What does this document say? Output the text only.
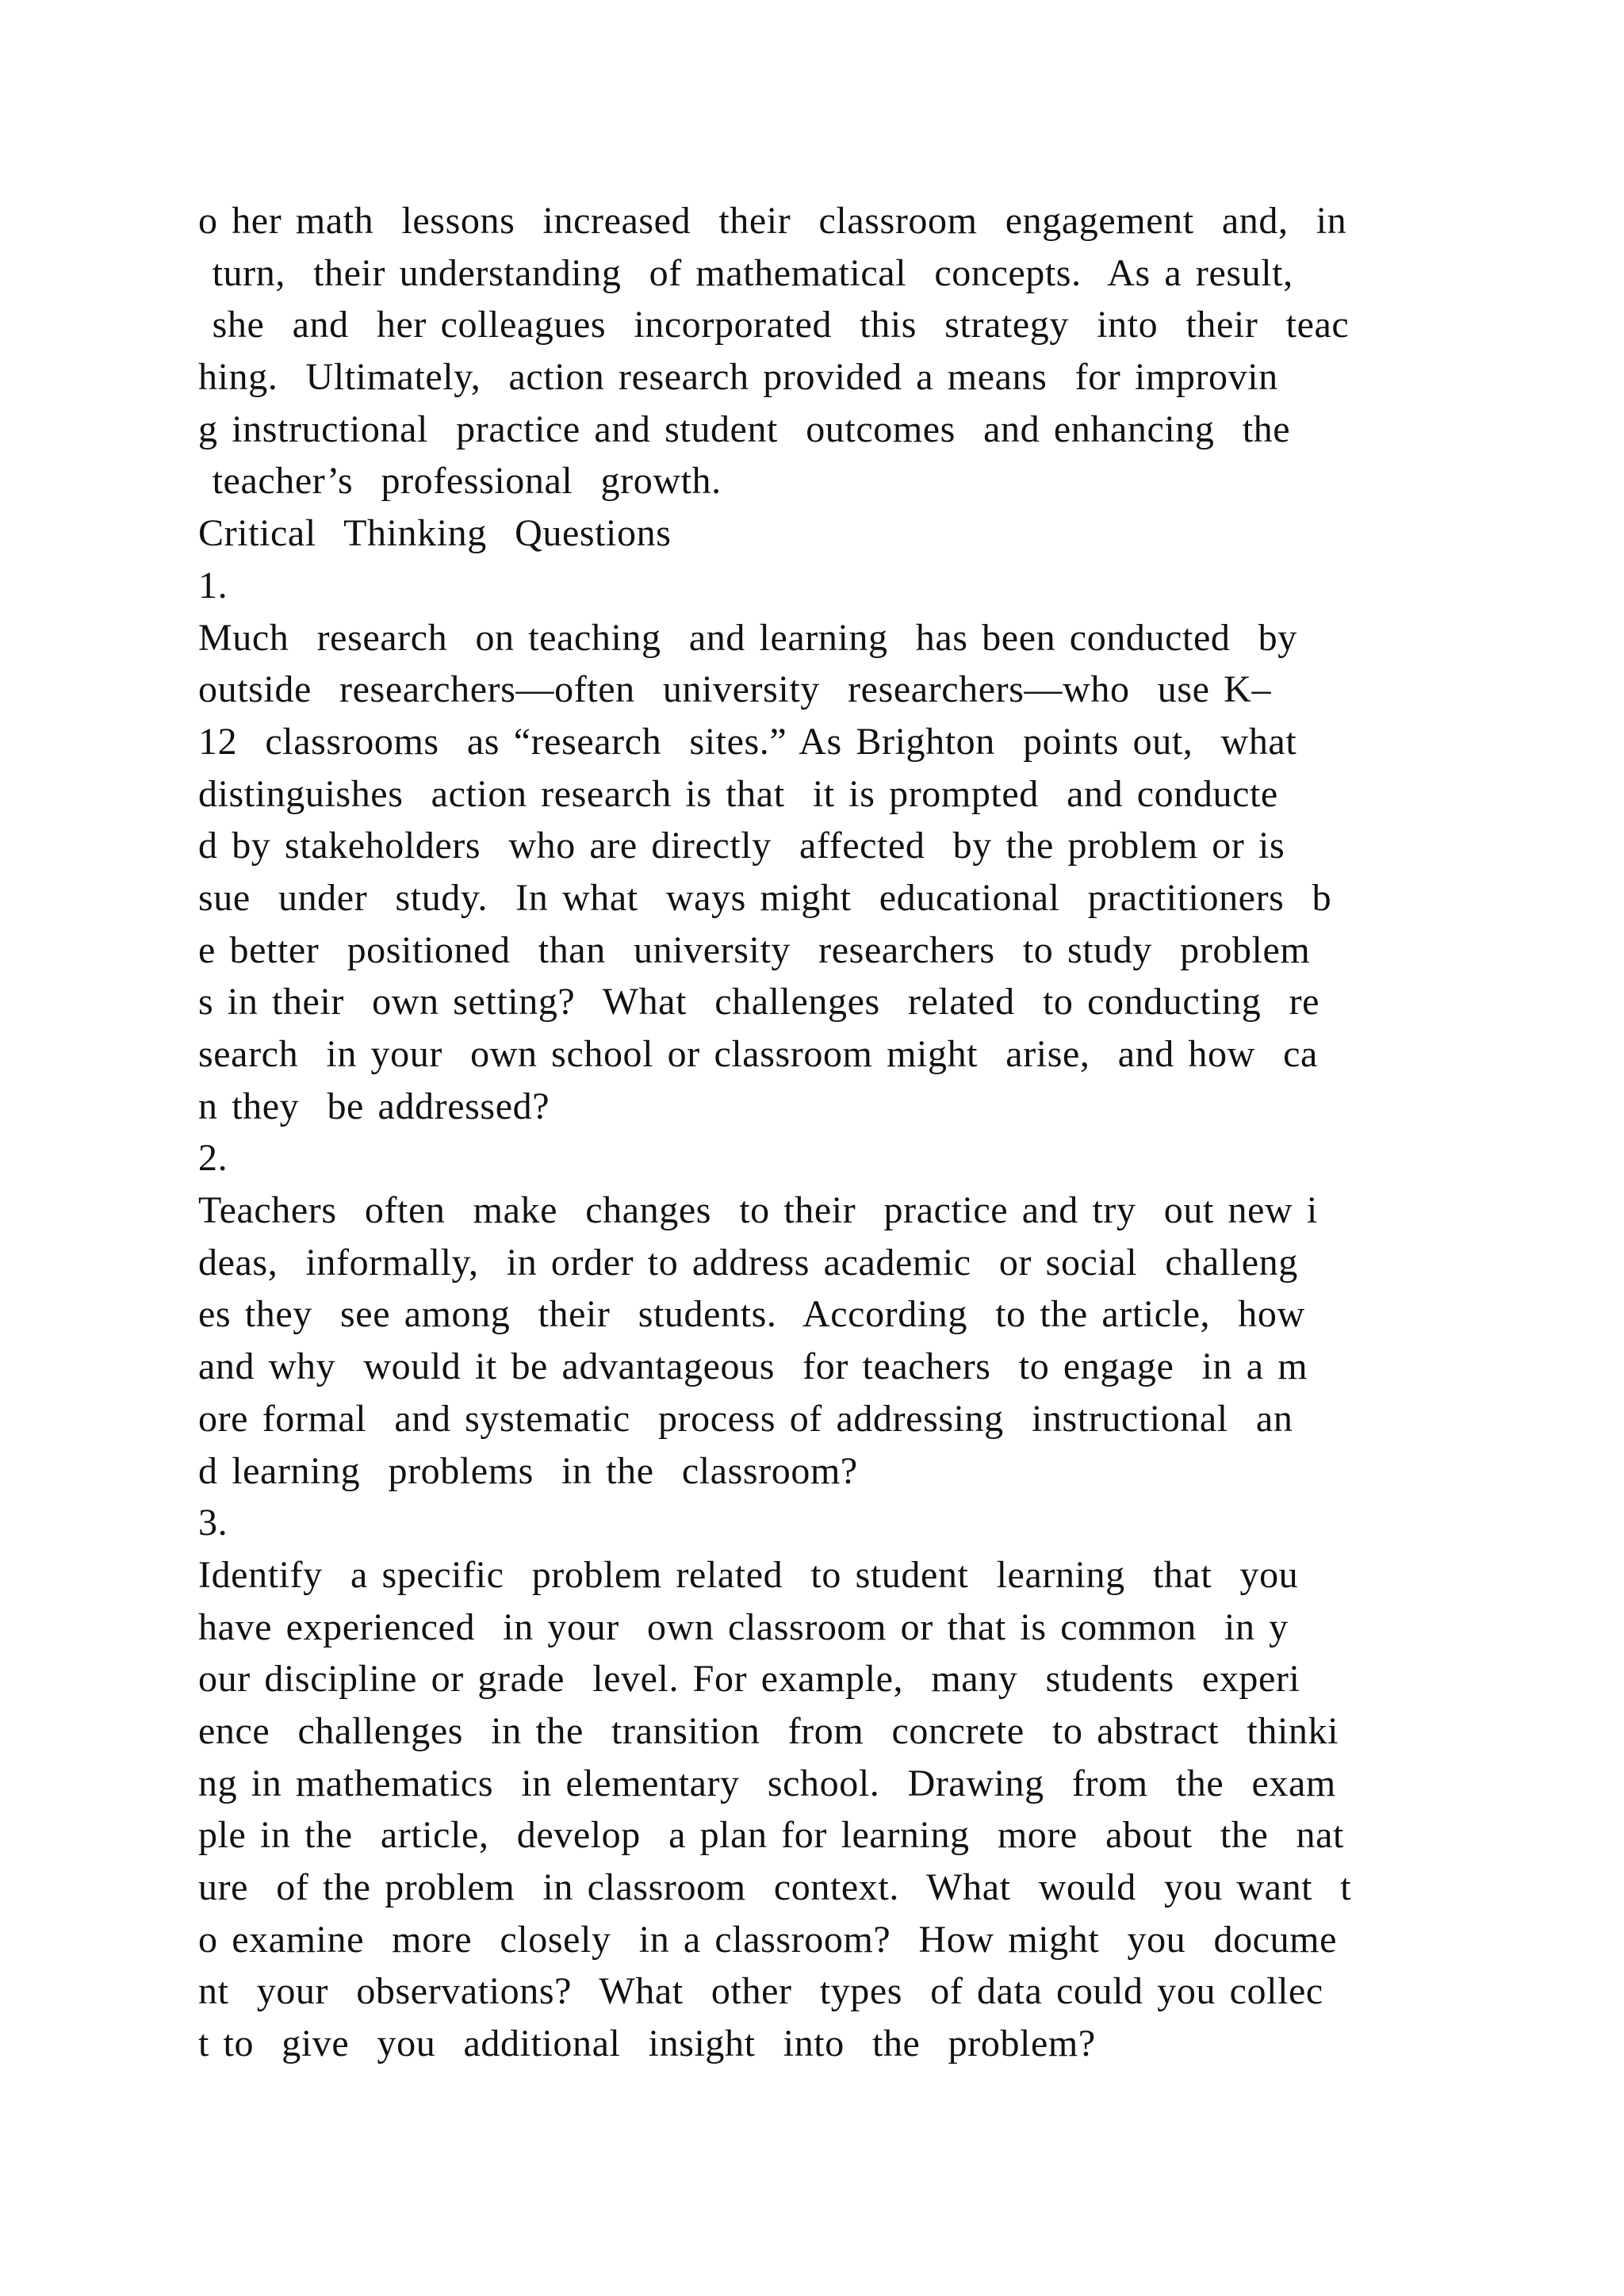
o her math  lessons  increased  their  classroom  engagement  and,  in
turn,  their understanding  of mathematical  concepts.  As a result,
she  and  her colleagues  incorporated  this  strategy  into  their  teac
hing.  Ultimately,  action research provided a means  for improvin
g instructional  practice and student  outcomes  and enhancing  the
teacher’s  professional  growth.
Critical  Thinking  Questions
1.
Much  research  on teaching  and learning  has been conducted  by
outside  researchers—often  university  researchers—who  use K–
12  classrooms  as “research  sites.” As Brighton  points out,  what
distinguishes  action research is that  it is prompted  and conducte
d by stakeholders  who are directly  affected  by the problem or is
sue  under  study.  In what  ways might  educational  practitioners  b
e better  positioned  than  university  researchers  to study  problem
s in their  own setting?  What  challenges  related  to conducting  re
search  in your  own school or classroom might  arise,  and how  ca
n they  be addressed?
2.
Teachers  often  make  changes  to their  practice and try  out new i
deas,  informally,  in order to address academic  or social  challeng
es they  see among  their  students.  According  to the article,  how
and why  would it be advantageous  for teachers  to engage  in a m
ore formal  and systematic  process of addressing  instructional  an
d learning  problems  in the  classroom?
3.
Identify  a specific  problem related  to student  learning  that  you
have experienced  in your  own classroom or that is common  in y
our discipline or grade  level. For example,  many  students  experi
ence  challenges  in the  transition  from  concrete  to abstract  thinki
ng in mathematics  in elementary  school.  Drawing  from  the  exam
ple in the  article,  develop  a plan for learning  more  about  the  nat
ure  of the problem  in classroom  context.  What  would  you want  t
o examine  more  closely  in a classroom?  How might  you  docume
nt  your  observations?  What  other  types  of data could you collec
t to  give  you  additional  insight  into  the  problem?
